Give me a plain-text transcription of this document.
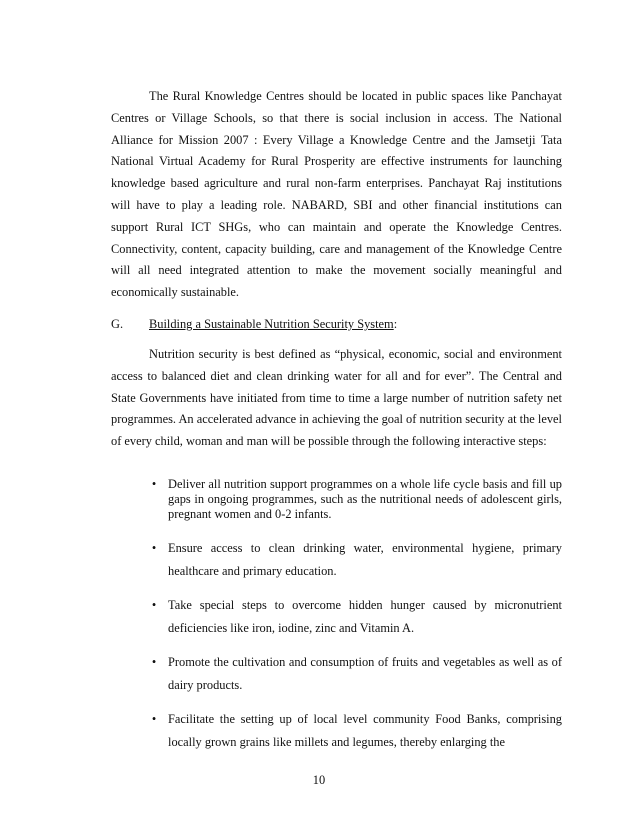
The Rural Knowledge Centres should be located in public spaces like Panchayat Centres or Village Schools, so that there is social inclusion in access. The National Alliance for Mission 2007 : Every Village a Knowledge Centre and the Jamsetji Tata National Virtual Academy for Rural Prosperity are effective instruments for launching knowledge based agriculture and rural non-farm enterprises. Panchayat Raj institutions will have to play a leading role. NABARD, SBI and other financial institutions can support Rural ICT SHGs, who can maintain and operate the Knowledge Centres. Connectivity, content, capacity building, care and management of the Knowledge Centre will all need integrated attention to make the movement socially meaningful and economically sustainable.

G. Building a Sustainable Nutrition Security System:

Nutrition security is best defined as “physical, economic, social and environment access to balanced diet and clean drinking water for all and for ever”. The Central and State Governments have initiated from time to time a large number of nutrition safety net programmes. An accelerated advance in achieving the goal of nutrition security at the level of every child, woman and man will be possible through the following interactive steps:

• Deliver all nutrition support programmes on a whole life cycle basis and fill up gaps in ongoing programmes, such as the nutritional needs of adolescent girls, pregnant women and 0-2 infants.

• Ensure access to clean drinking water, environmental hygiene, primary healthcare and primary education.

• Take special steps to overcome hidden hunger caused by micronutrient deficiencies like iron, iodine, zinc and Vitamin A.

• Promote the cultivation and consumption of fruits and vegetables as well as of dairy products.

• Facilitate the setting up of local level community Food Banks, comprising locally grown grains like millets and legumes, thereby enlarging the

10
